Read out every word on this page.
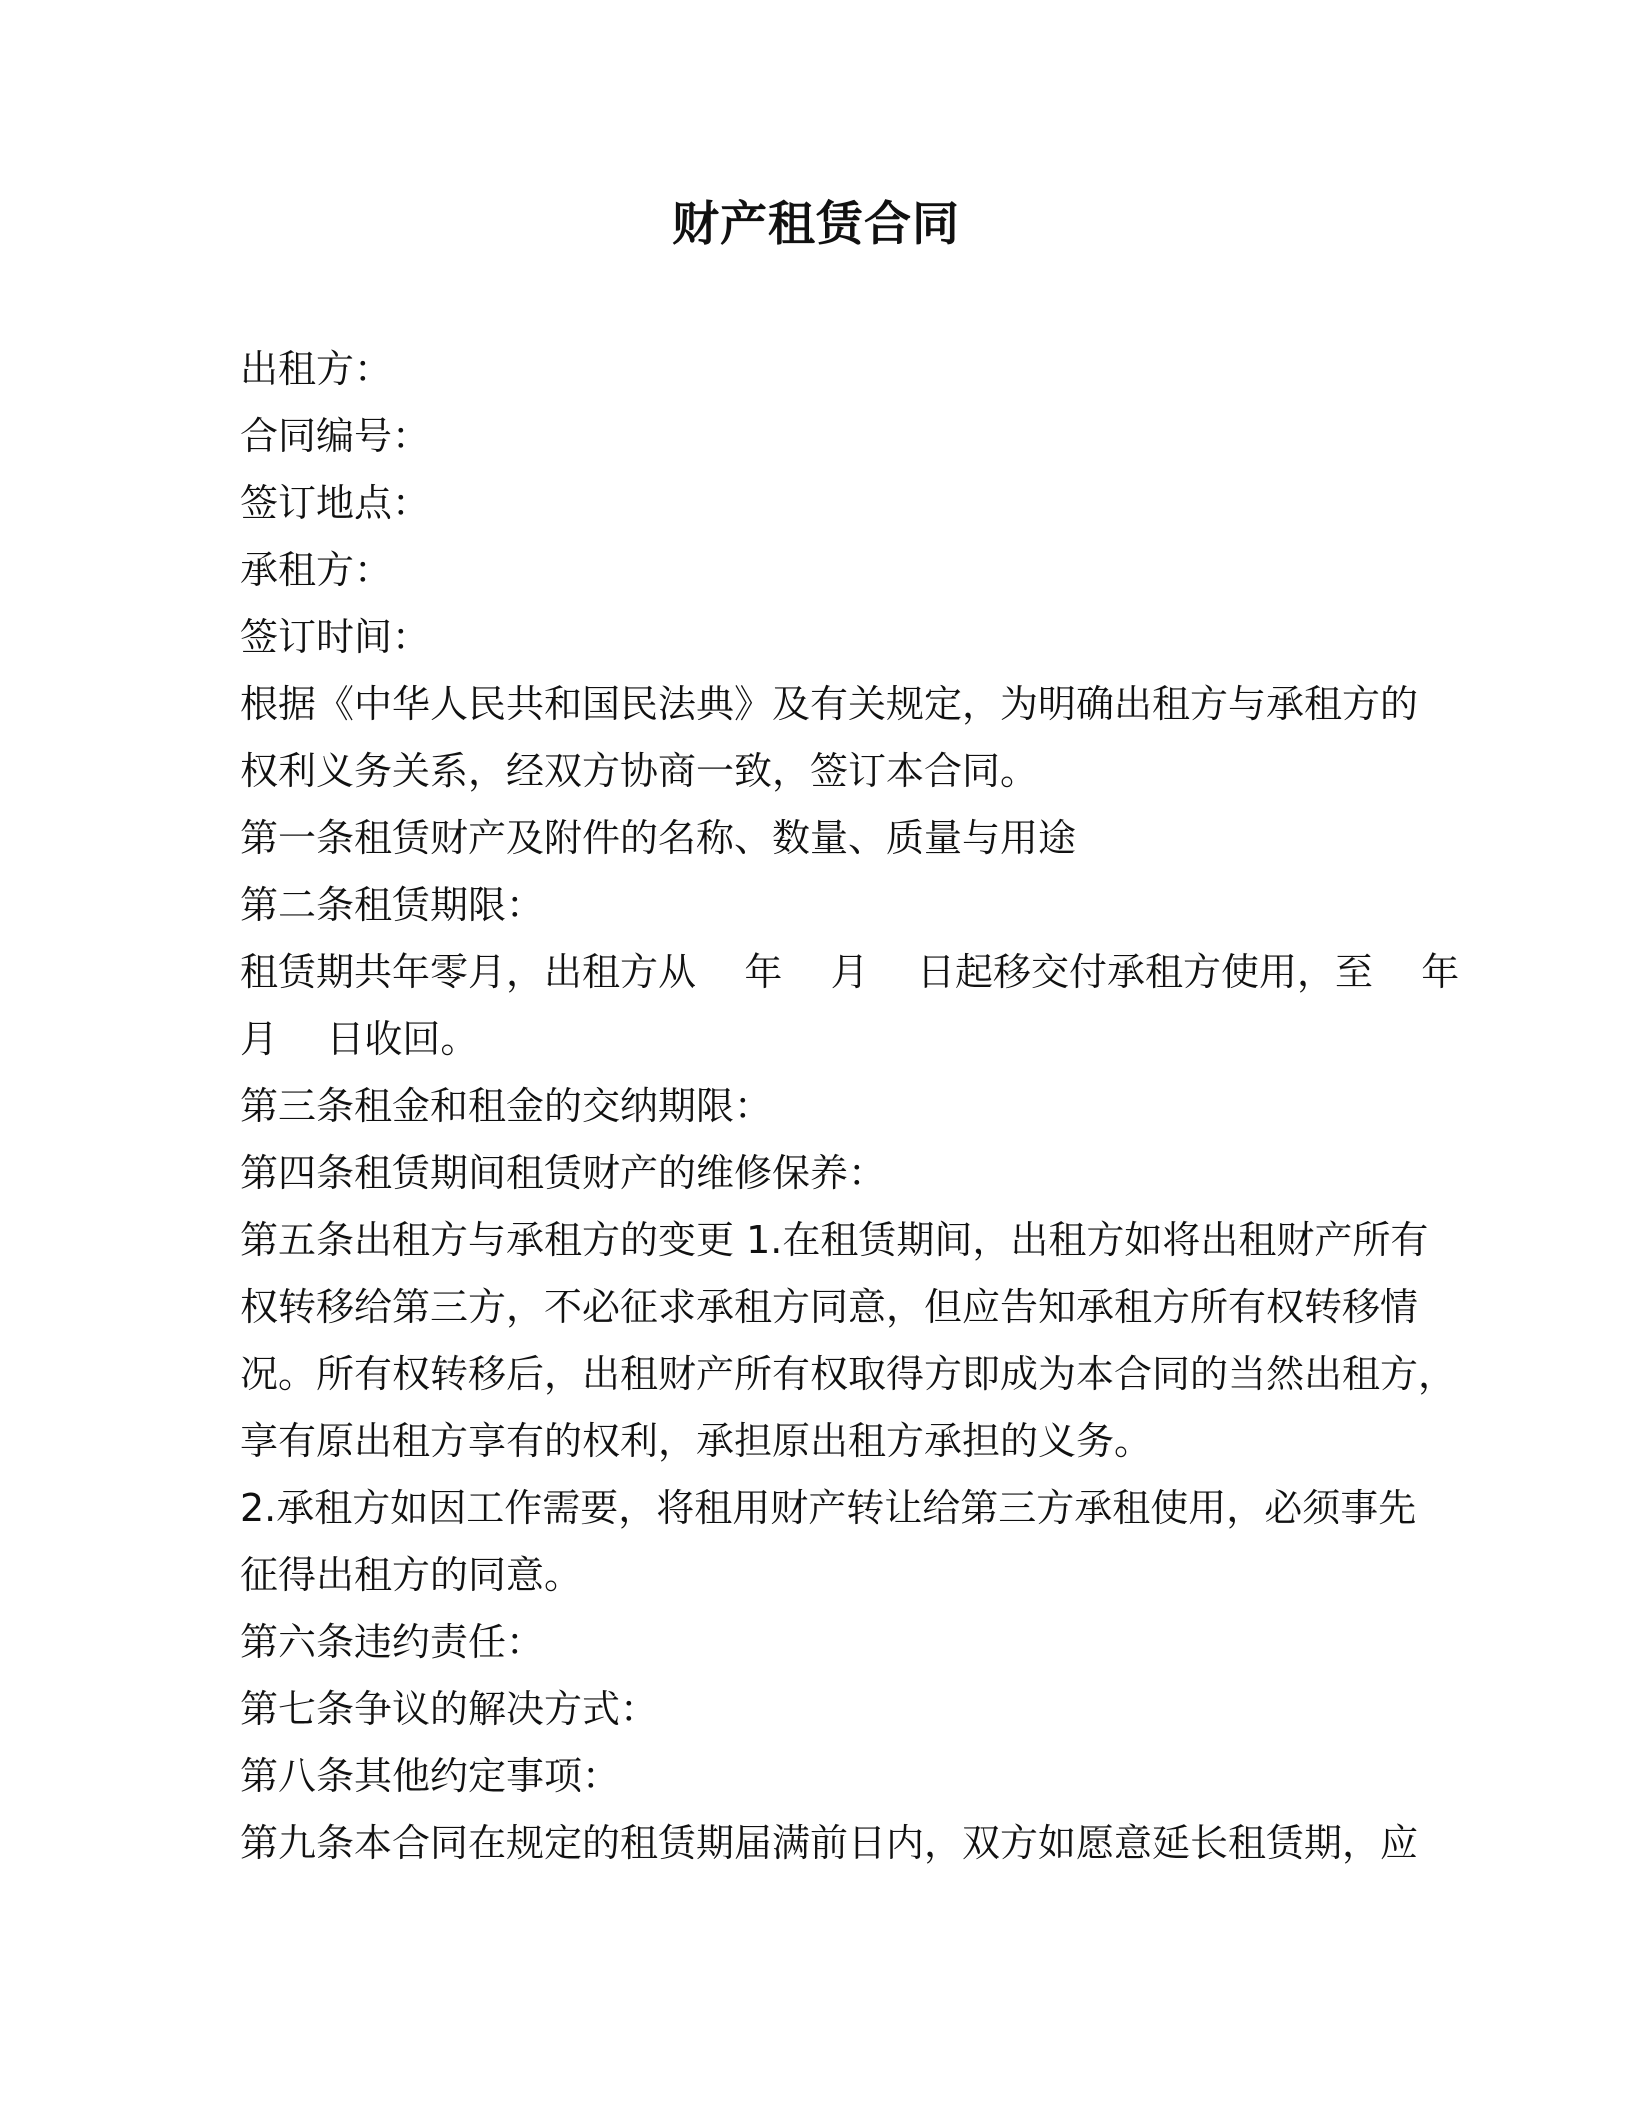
财产租赁合同
出租方：
合同编号：
签订地点：
承租方：
签订时间：
根据《中华人民共和国民法典》及有关规定，为明确出租方与承租方的
权利义务关系，经双方协商一致，签订本合同。
第一条租赁财产及附件的名称、数量、质量与用途
第二条租赁期限：
租赁期共年零月，出租方从    年    月    日起移交付承租方使用，至    年
月    日收回。
第三条租金和租金的交纳期限：
第四条租赁期间租赁财产的维修保养：
第五条出租方与承租方的变更 1.在租赁期间，出租方如将出租财产所有
权转移给第三方，不必征求承租方同意，但应告知承租方所有权转移情
况。所有权转移后，出租财产所有权取得方即成为本合同的当然出租方，
享有原出租方享有的权利，承担原出租方承担的义务。
2.承租方如因工作需要，将租用财产转让给第三方承租使用，必须事先
征得出租方的同意。
第六条违约责任：
第七条争议的解决方式：
第八条其他约定事项：
第九条本合同在规定的租赁期届满前日内，双方如愿意延长租赁期，应
